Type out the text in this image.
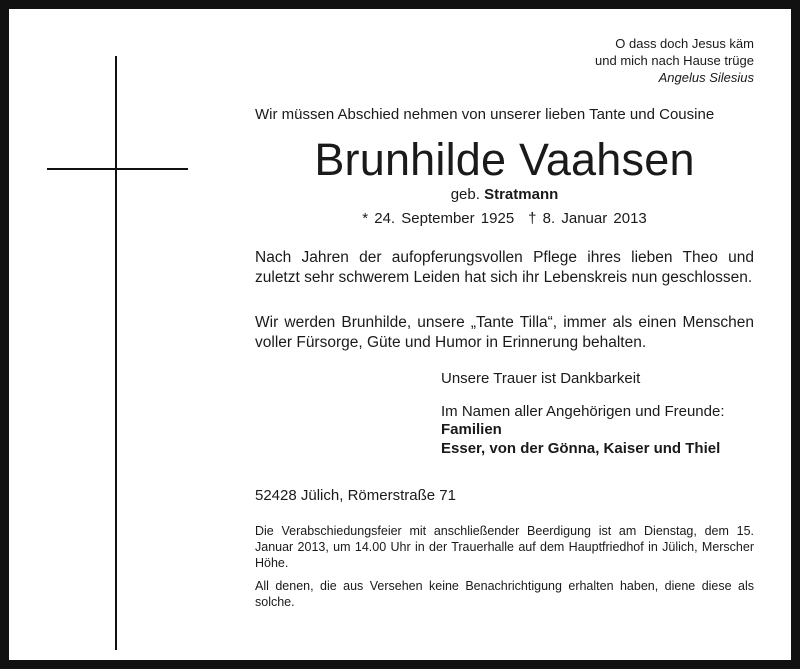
O dass doch Jesus käm
und mich nach Hause trüge
Angelus Silesius
Wir müssen Abschied nehmen von unserer lieben Tante und Cousine
Brunhilde Vaahsen
geb. Stratmann
* 24. September 1925 † 8. Januar 2013
Nach Jahren der aufopferungsvollen Pflege ihres lieben Theo und zuletzt sehr schwerem Leiden hat sich ihr Lebenskreis nun geschlossen.
Wir werden Brunhilde, unsere „Tante Tilla“, immer als einen Menschen voller Fürsorge, Güte und Humor in Erinnerung behalten.
Unsere Trauer ist Dankbarkeit
Im Namen aller Angehörigen und Freunde:
Familien
Esser, von der Gönna, Kaiser und Thiel
52428 Jülich, Römerstraße 71
Die Verabschiedungsfeier mit anschließender Beerdigung ist am Dienstag, dem 15. Januar 2013, um 14.00 Uhr in der Trauerhalle auf dem Hauptfriedhof in Jülich, Merscher Höhe.
All denen, die aus Versehen keine Benachrichtigung erhalten haben, diene diese als solche.
